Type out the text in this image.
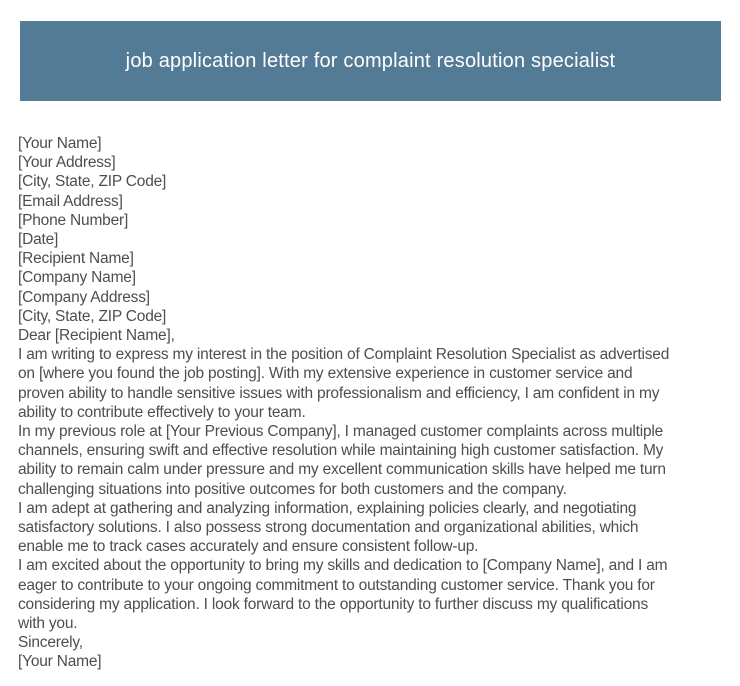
job application letter for complaint resolution specialist
[Your Name]
[Your Address]
[City, State, ZIP Code]
[Email Address]
[Phone Number]
[Date]
[Recipient Name]
[Company Name]
[Company Address]
[City, State, ZIP Code]
Dear [Recipient Name],
I am writing to express my interest in the position of Complaint Resolution Specialist as advertised
on [where you found the job posting]. With my extensive experience in customer service and
proven ability to handle sensitive issues with professionalism and efficiency, I am confident in my
ability to contribute effectively to your team.
In my previous role at [Your Previous Company], I managed customer complaints across multiple
channels, ensuring swift and effective resolution while maintaining high customer satisfaction. My
ability to remain calm under pressure and my excellent communication skills have helped me turn
challenging situations into positive outcomes for both customers and the company.
I am adept at gathering and analyzing information, explaining policies clearly, and negotiating
satisfactory solutions. I also possess strong documentation and organizational abilities, which
enable me to track cases accurately and ensure consistent follow-up.
I am excited about the opportunity to bring my skills and dedication to [Company Name], and I am
eager to contribute to your ongoing commitment to outstanding customer service. Thank you for
considering my application. I look forward to the opportunity to further discuss my qualifications
with you.
Sincerely,
[Your Name]
